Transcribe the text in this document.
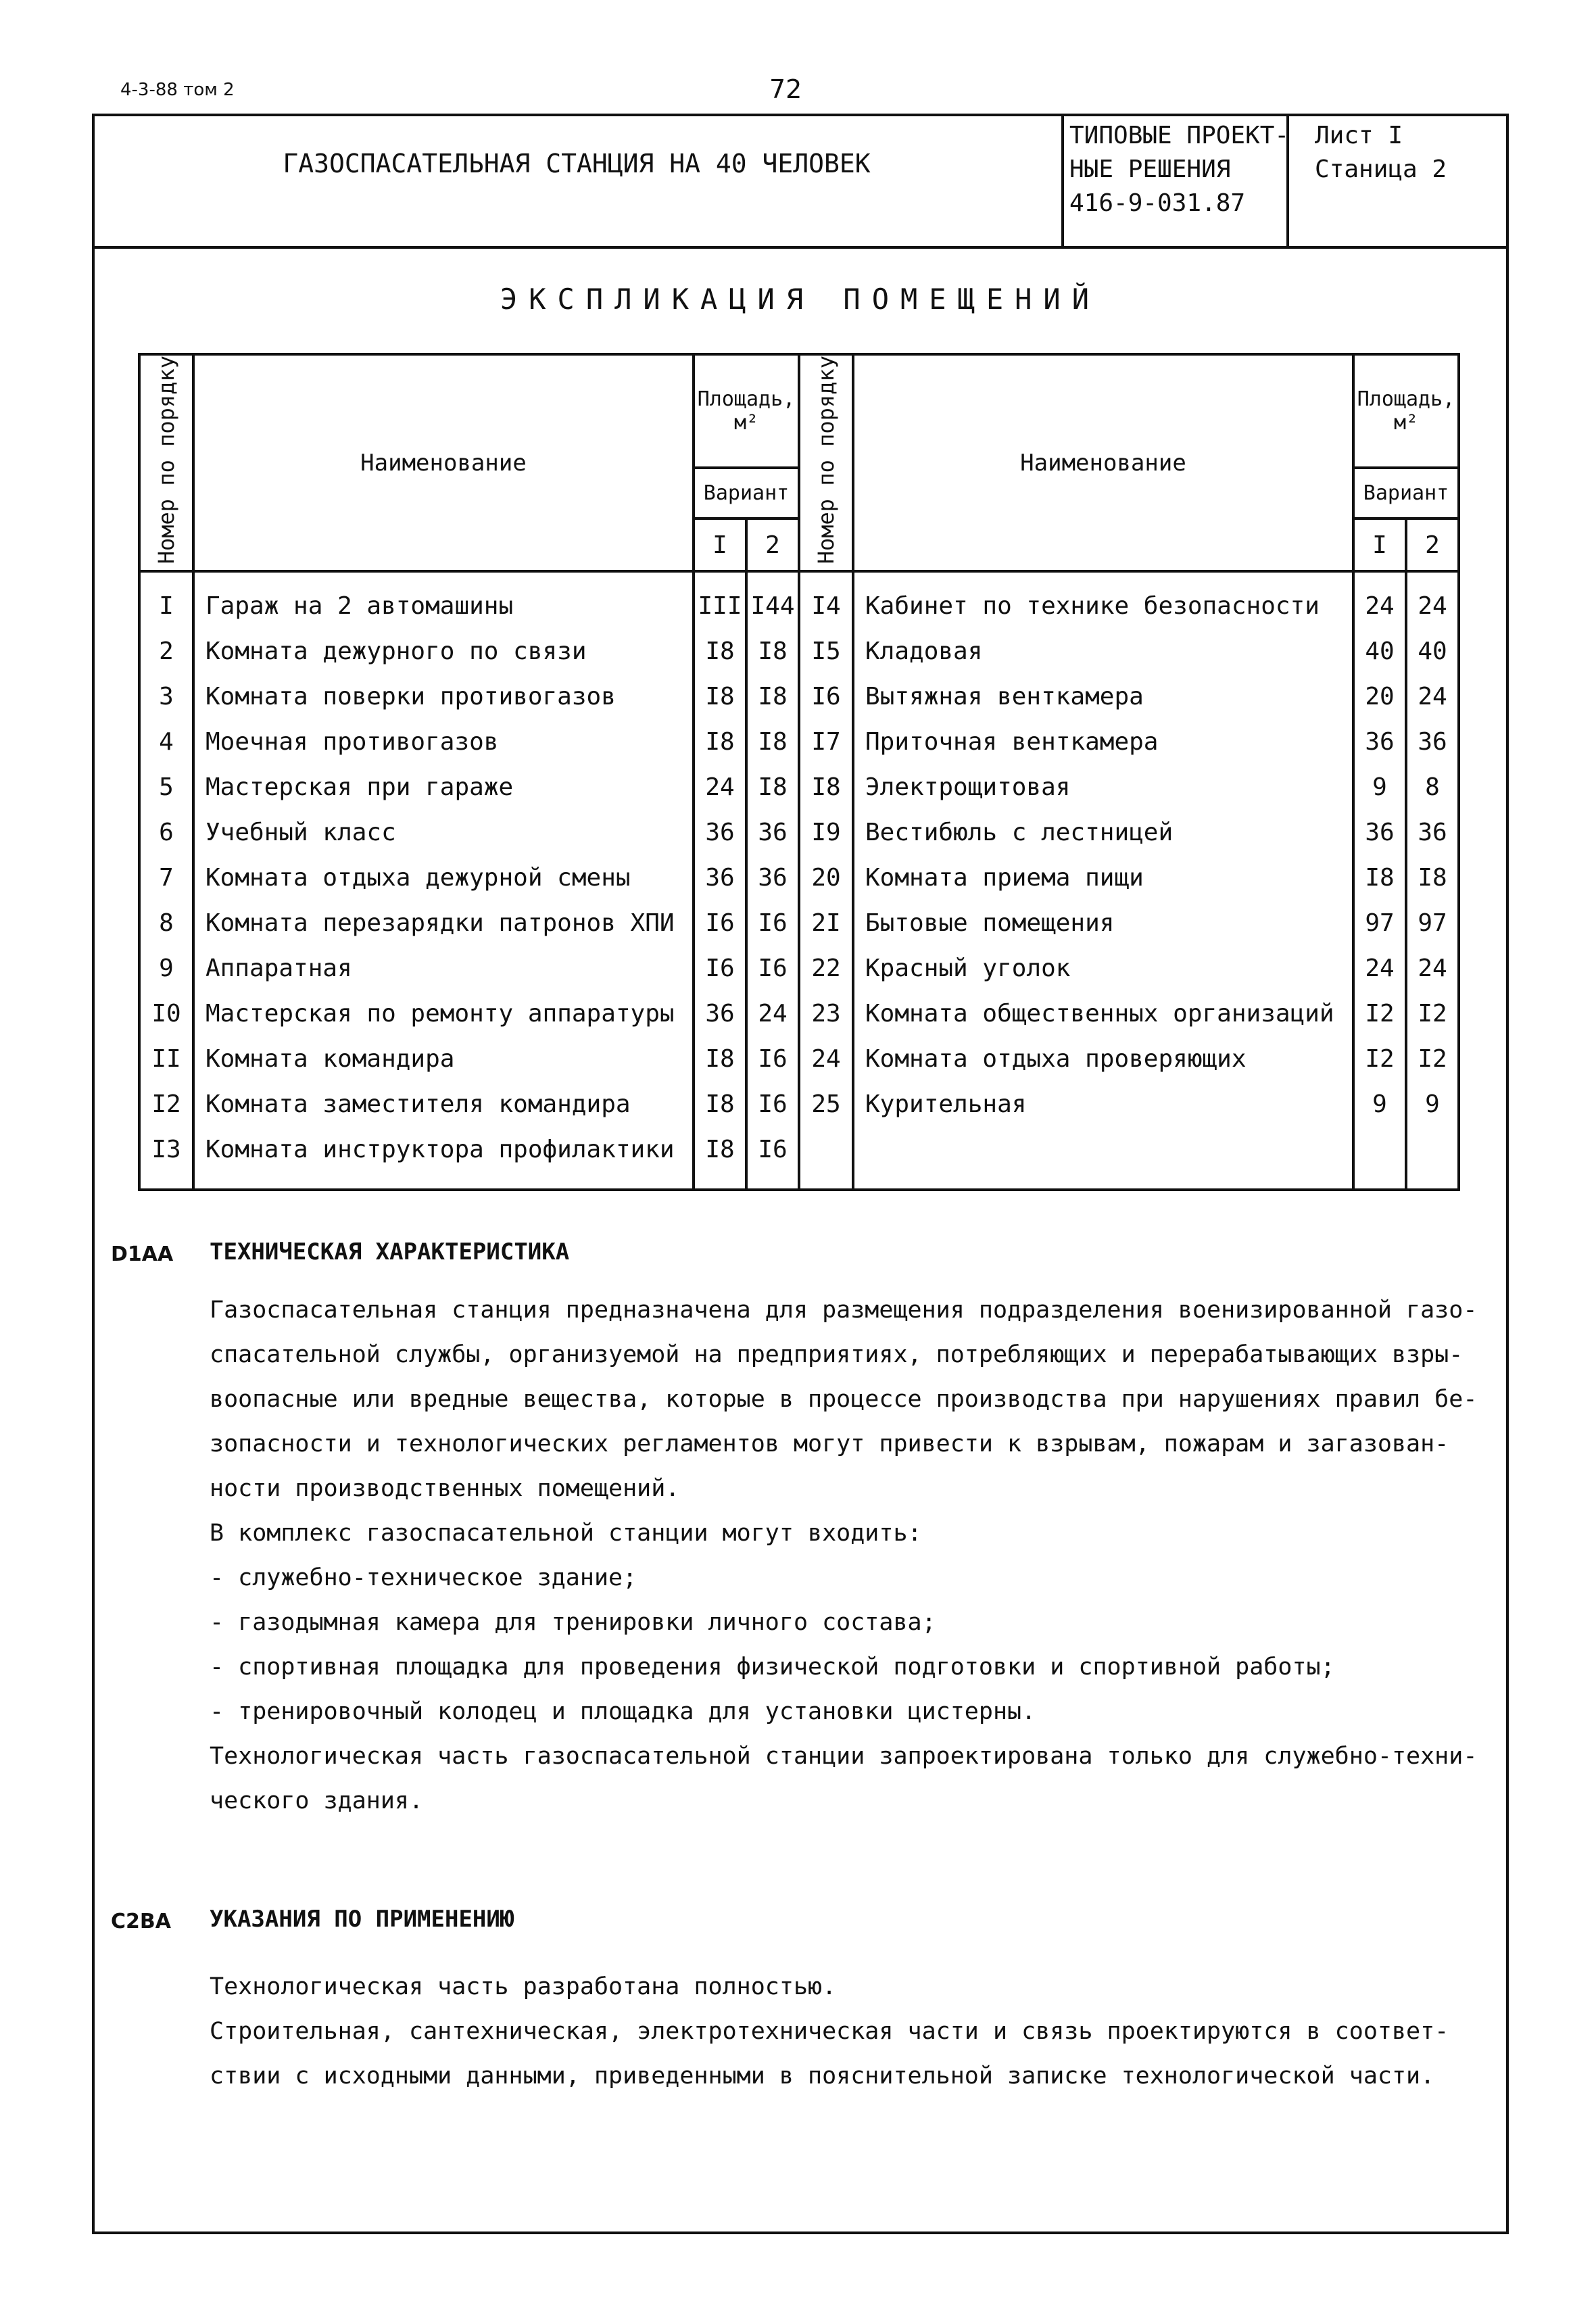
4-3-88 том 2	72
ГАЗОСПАСАТЕЛЬНАЯ СТАНЦИЯ НА 40 ЧЕЛОВЕК
ТИПОВЫЕ ПРОЕКТ-
НЫЕ РЕШЕНИЯ
416-9-031.87
Лист I
Станица 2
ЭКСПЛИКАЦИЯ ПОМЕЩЕНИЙ
Номер по порядку	Наименование	Площадь, м²		Номер по порядку	Наименование	Площадь, м²	
		Вариант				Вариант	
		I	2			I	2
I	Гараж на 2 автомашины	III	I44	I4	Кабинет по технике безопасности	24	24
2	Комната дежурного по связи	I8	I8	I5	Кладовая	40	40
3	Комната поверки противогазов	I8	I8	I6	Вытяжная венткамера	20	24
4	Моечная противогазов	I8	I8	I7	Приточная венткамера	36	36
5	Мастерская при гараже	24	I8	I8	Электрощитовая	9	8
6	Учебный класс	36	36	I9	Вестибюль с лестницей	36	36
7	Комната отдыха дежурной смены	36	36	20	Комната приема пищи	I8	I8
8	Комната перезарядки патронов ХПИ	I6	I6	2I	Бытовые помещения	97	97
9	Аппаратная	I6	I6	22	Красный уголок	24	24
I0	Мастерская по ремонту аппаратуры	36	24	23	Комната общественных организаций	I2	I2
II	Комната командира	I8	I6	24	Комната отдыха проверяющих	I2	I2
I2	Комната заместителя командира	I8	I6	25	Курительная	9	9
I3	Комната инструктора профилактики	I8	I6				
D1AA ТЕХНИЧЕСКАЯ ХАРАКТЕРИСТИКА

Газоспасательная станция предназначена для размещения подразделения военизированной газо-спасательной службы, организуемой на предприятиях, потребляющих и перерабатывающих взры-воопасные или вредные вещества, которые в процессе производства при нарушениях правил бе-зопасности и технологических регламентов могут привести к взрывам, пожарам и загазован-ности производственных помещений.

В комплекс газоспасательной станции могут входить:

- служебно-техническое здание;

- газодымная камера для тренировки личного состава;

- спортивная площадка для проведения физической подготовки и спортивной работы;

- тренировочный колодец и площадка для установки цистерны.

Технологическая часть газоспасательной станции запроектирована только для служебно-техни-ческого здания.

C2BA УКАЗАНИЯ ПО ПРИМЕНЕНИЮ

Технологическая часть разработана полностью.

Строительная, сантехническая, электротехническая части и связь проектируются в соответ-ствии с исходными данными, приведенными в пояснительной записке технологической части.
